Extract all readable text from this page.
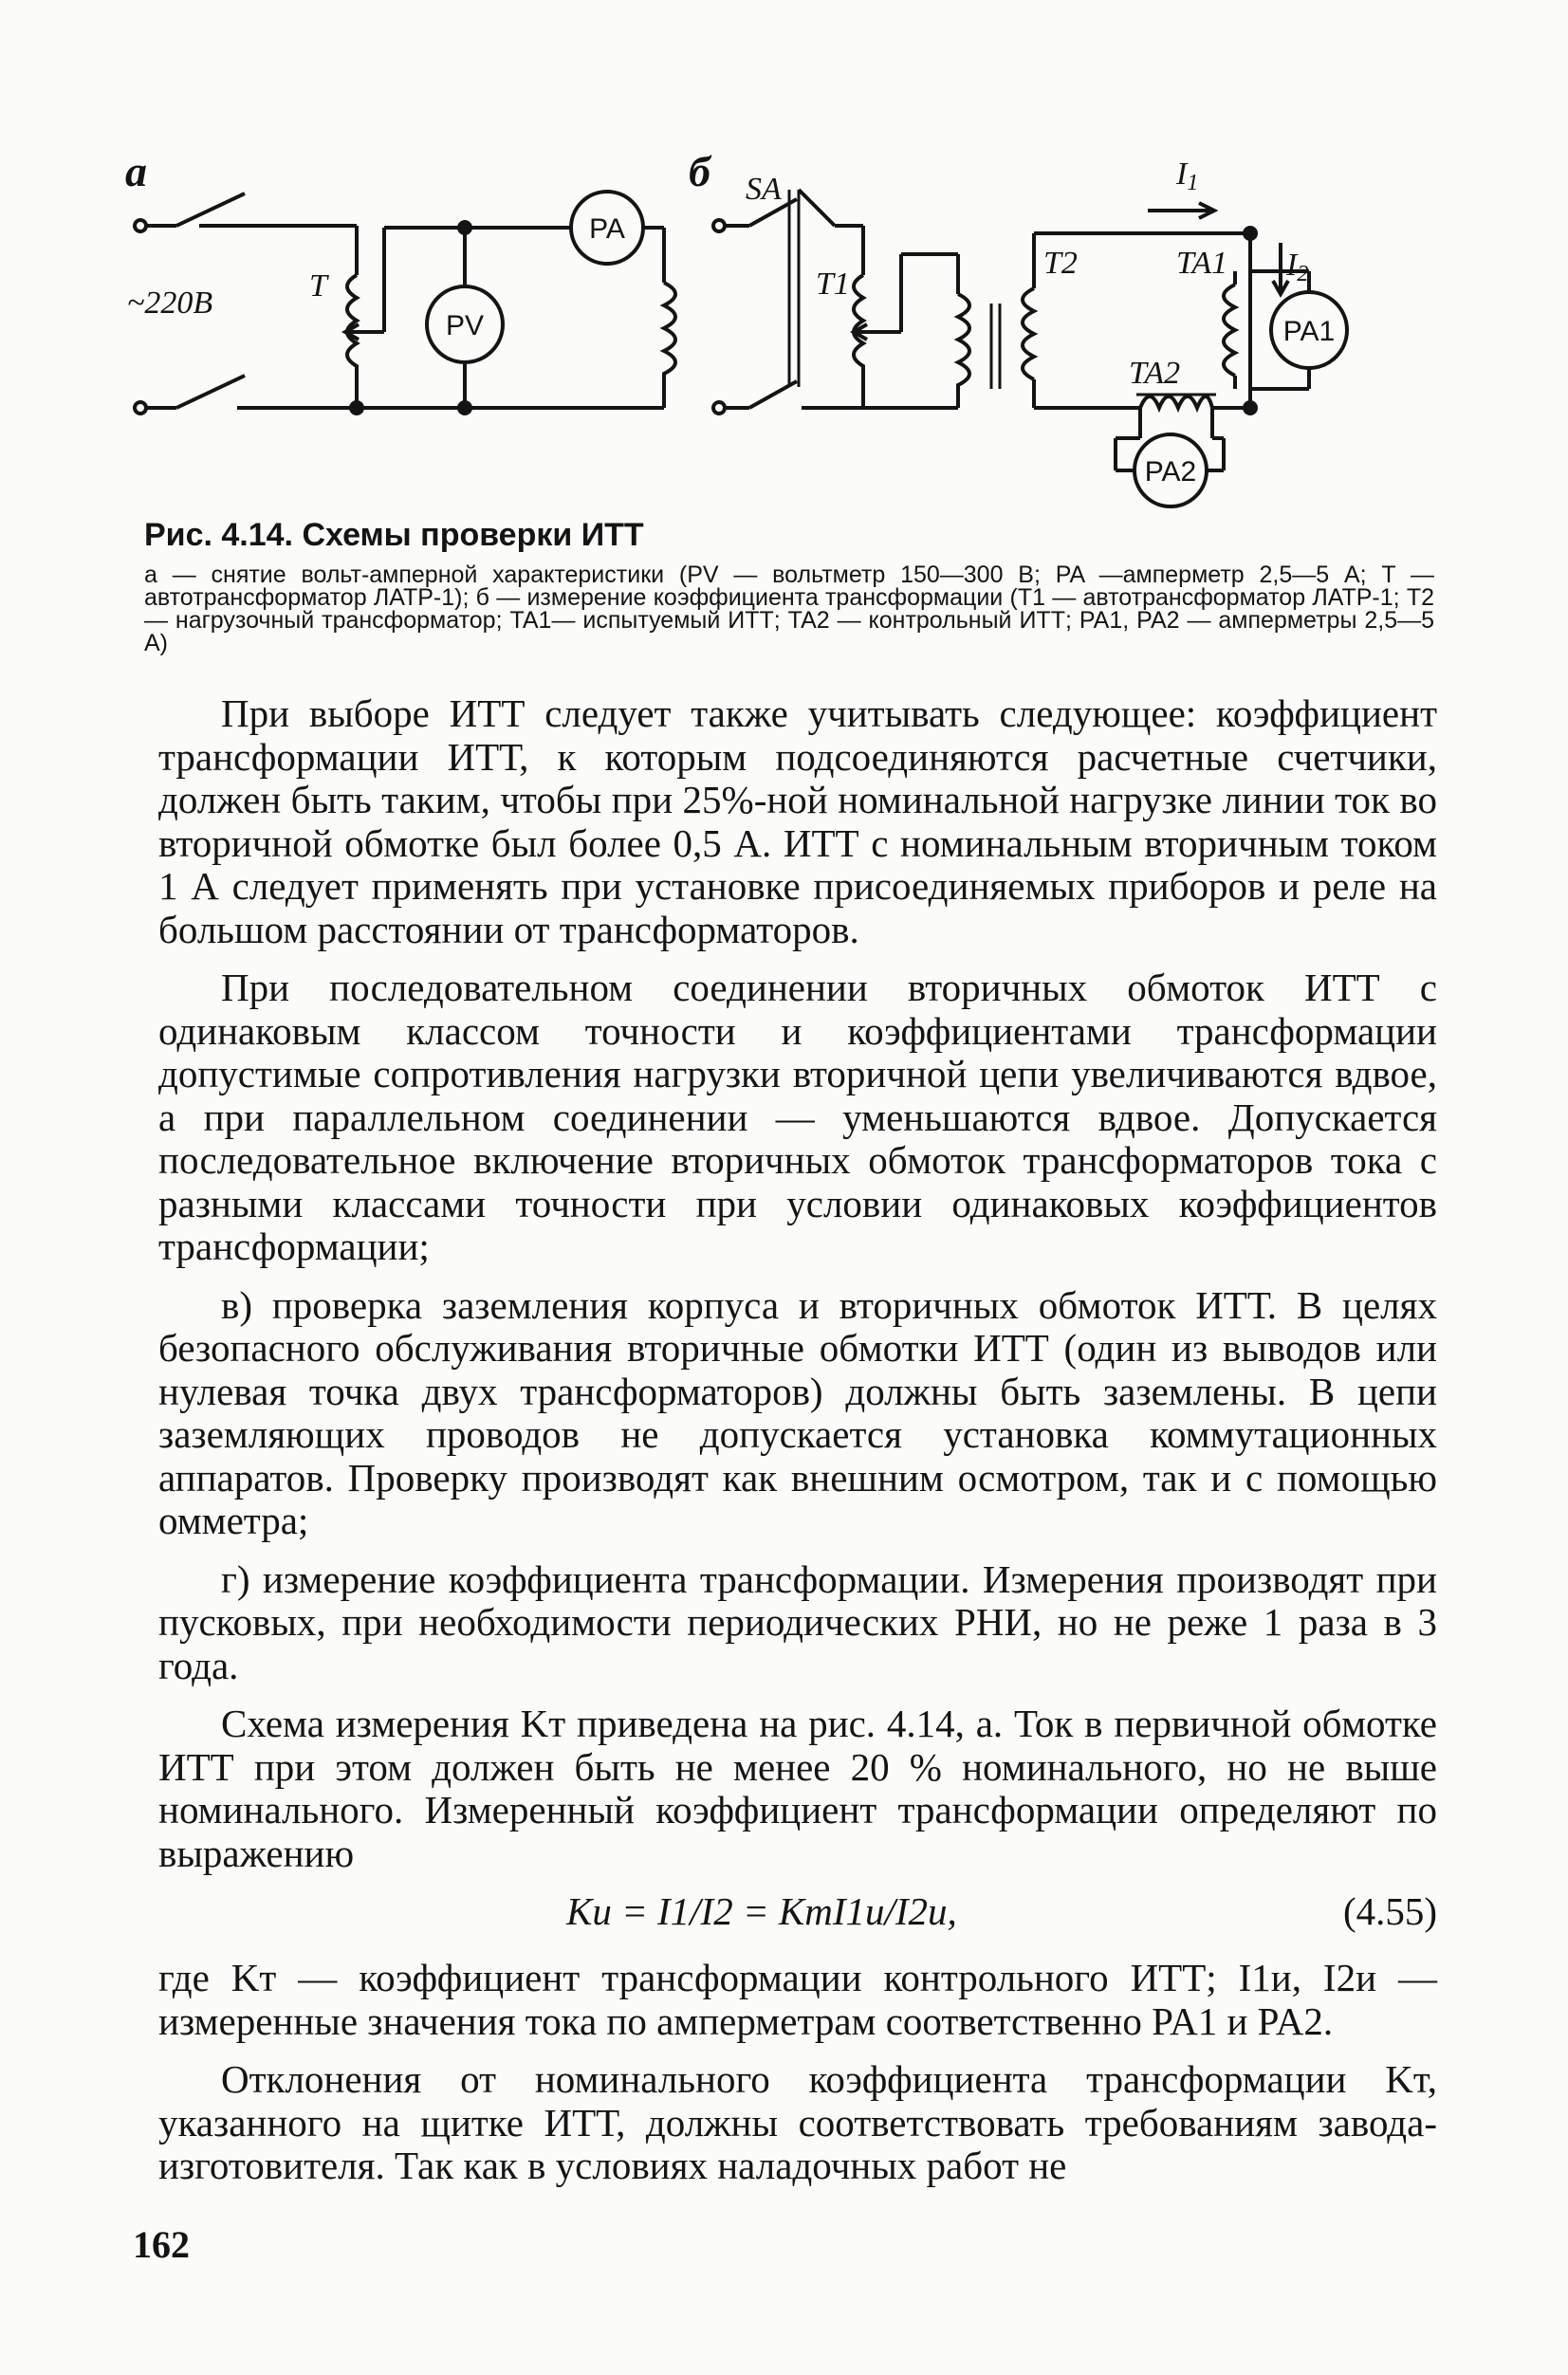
а
~220В	T
PV
PA
б SA
T1
T2
I1
TA1
PA1
I2
TA2
PA2
Рис. 4.14. Схемы проверки ИТТ
а — снятие вольт-амперной характеристики (PV — вольтметр 150—300 В; PA —амперметр 2,5—5 А; T — автотрансформатор ЛАТР-1); б — измерение коэффициента трансформации (T1 — автотрансформатор ЛАТР-1; T2 — нагрузочный трансформатор; TA1— испытуемый ИТТ; TA2 — контрольный ИТТ; PA1, PA2 — амперметры 2,5—5 А)

При выборе ИТТ следует также учитывать следующее: коэффициент трансформации ИТТ, к которым подсоединяются расчетные счетчики, должен быть таким, чтобы при 25%-ной номинальной нагрузке линии ток во вторичной обмотке был более 0,5 А. ИТТ с номинальным вторичным током 1 А следует применять при установке присоединяемых приборов и реле на большом расстоянии от трансформаторов.

При последовательном соединении вторичных обмоток ИТТ с одинаковым классом точности и коэффициентами трансформации допустимые сопротивления нагрузки вторичной цепи увеличиваются вдвое, а при параллельном соединении — уменьшаются вдвое. Допускается последовательное включение вторичных обмоток трансформаторов тока с разными классами точности при условии одинаковых коэффициентов трансформации;

в) проверка заземления корпуса и вторичных обмоток ИТТ. В целях безопасного обслуживания вторичные обмотки ИТТ (один из выводов или нулевая точка двух трансформаторов) должны быть заземлены. В цепи заземляющих проводов не допускается установка коммутационных аппаратов. Проверку производят как внешним осмотром, так и с помощью омметра;

г) измерение коэффициента трансформации. Измерения производят при пусковых, при необходимости периодических РНИ, но не реже 1 раза в 3 года.

Схема измерения Kт приведена на рис. 4.14, а. Ток в первичной обмотке ИТТ при этом должен быть не менее 20 % номинального, но не выше номинального. Измеренный коэффициент трансформации определяют по выражению

Kи = I1/I2 = KтI1и/I2и,	(4.55)

где Kт — коэффициент трансформации контрольного ИТТ; I1и, I2и — измеренные значения тока по амперметрам соответственно PA1 и PA2.

Отклонения от номинального коэффициента трансформации Kт, указанного на щитке ИТТ, должны соответствовать требованиям завода-изготовителя. Так как в условиях наладочных работ не

162
